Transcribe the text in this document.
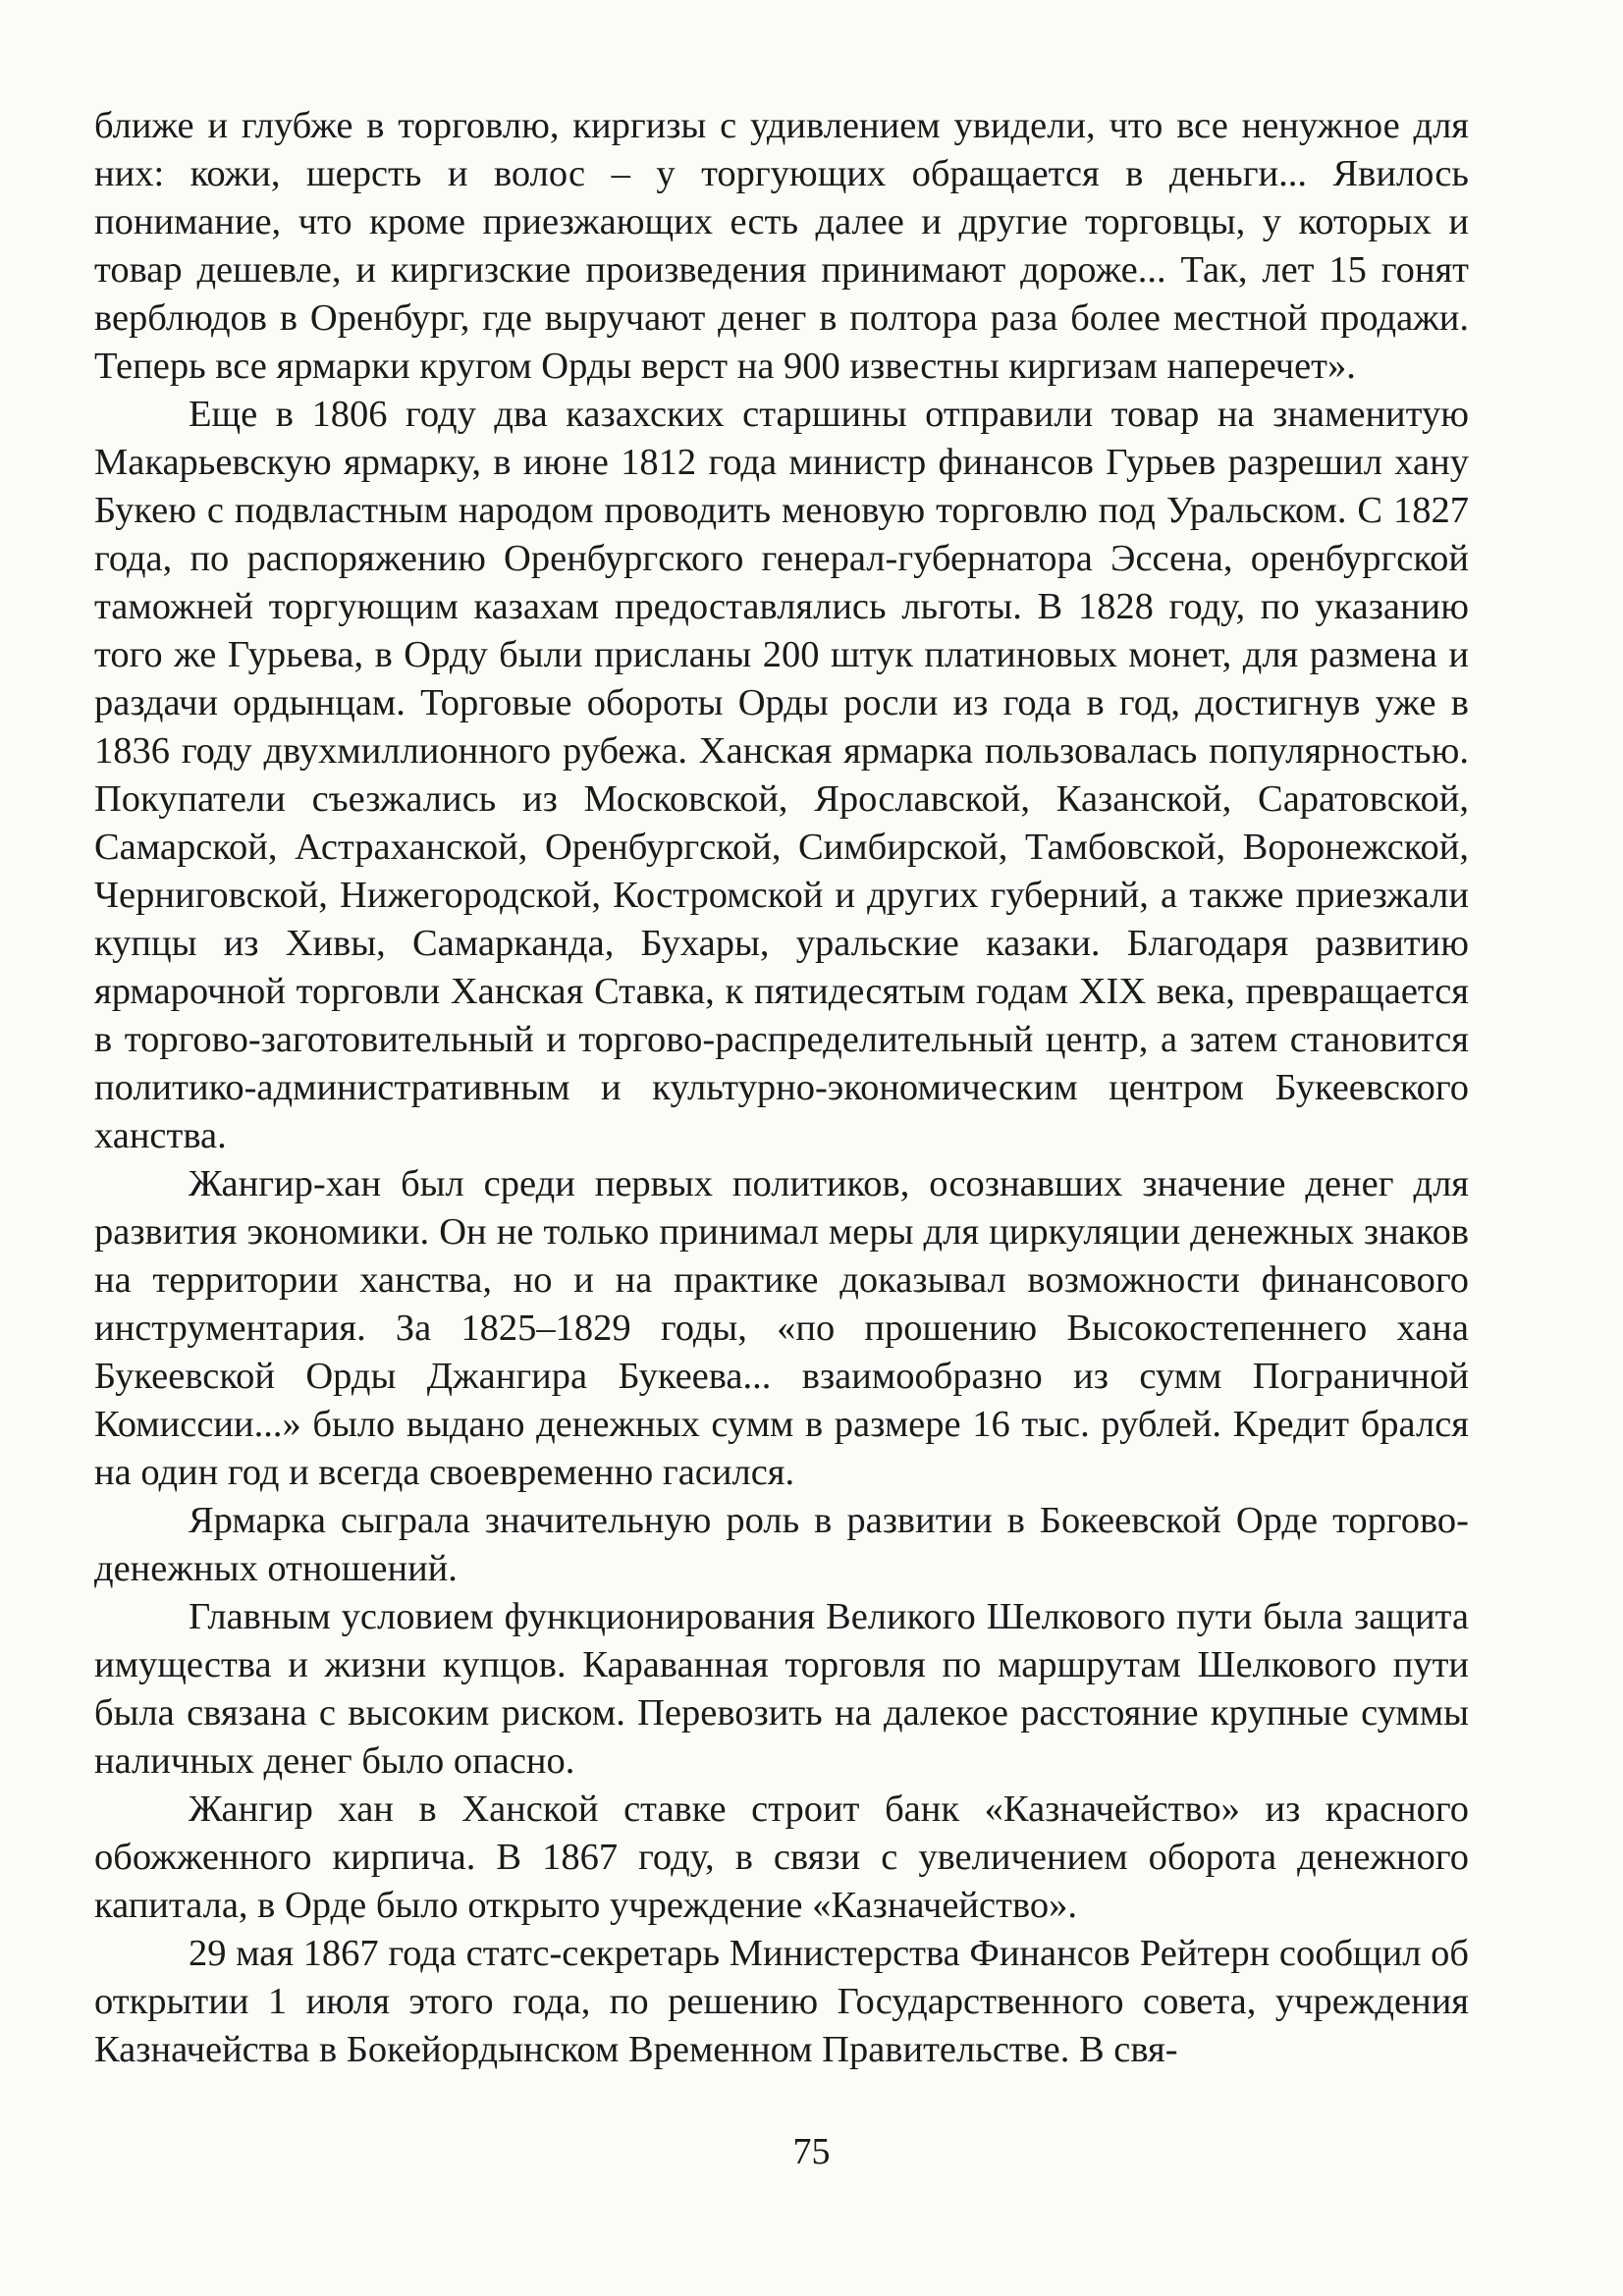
ближе и глубже в торговлю, киргизы с удивлением увидели, что все ненужное для них: кожи, шерсть и волос – у торгующих обращается в деньги... Явилось понимание, что кроме приезжающих есть далее и другие торговцы, у которых и товар дешевле, и киргизские произведения принимают дороже... Так, лет 15 гонят верблюдов в Оренбург, где выручают денег в полтора раза более местной продажи. Теперь все ярмарки кругом Орды верст на 900 известны киргизам наперечет».

Еще в 1806 году два казахских старшины отправили товар на знаменитую Макарьевскую ярмарку, в июне 1812 года министр финансов Гурьев разрешил хану Букею с подвластным народом проводить меновую торговлю под Уральском. С 1827 года, по распоряжению Оренбургского генерал-губернатора Эссена, оренбургской таможней торгующим казахам предоставлялись льготы. В 1828 году, по указанию того же Гурьева, в Орду были присланы 200 штук платиновых монет, для размена и раздачи ордынцам. Торговые обороты Орды росли из года в год, достигнув уже в 1836 году двухмиллионного рубежа. Ханская ярмарка пользовалась популярностью. Покупатели съезжались из Московской, Ярославской, Казанской, Саратовской, Самарской, Астраханской, Оренбургской, Симбирской, Тамбовской, Воронежской, Черниговской, Нижегородской, Костромской и других губерний, а также приезжали купцы из Хивы, Самарканда, Бухары, уральские казаки. Благодаря развитию ярмарочной торговли Ханская Ставка, к пятидесятым годам XIX века, превращается в торгово-заготовительный и торгово-распределительный центр, а затем становится политико-административным и культурно-экономическим центром Букеевского ханства.

Жангир-хан был среди первых политиков, осознавших значение денег для развития экономики. Он не только принимал меры для циркуляции денежных знаков на территории ханства, но и на практике доказывал возможности финансового инструментария. За 1825–1829 годы, «по прошению Высокостепеннего хана Букеевской Орды Джангира Букеева... взаимообразно из сумм Пограничной Комиссии...» было выдано денежных сумм в размере 16 тыс. рублей. Кредит брался на один год и всегда своевременно гасился.

Ярмарка сыграла значительную роль в развитии в Бокеевской Орде торгово-денежных отношений.

Главным условием функционирования Великого Шелкового пути была защита имущества и жизни купцов. Караванная торговля по маршрутам Шелкового пути была связана с высоким риском. Перевозить на далекое расстояние крупные суммы наличных денег было опасно.

Жангир хан в Ханской ставке строит банк «Казначейство» из красного обожженного кирпича. В 1867 году, в связи с увеличением оборота денежного капитала, в Орде было открыто учреждение «Казначейство».

29 мая 1867 года статс-секретарь Министерства Финансов Рейтерн сообщил об открытии 1 июля этого года, по решению Государственного совета, учреждения Казначейства в Бокейордынском Временном Правительстве. В свя-

75
